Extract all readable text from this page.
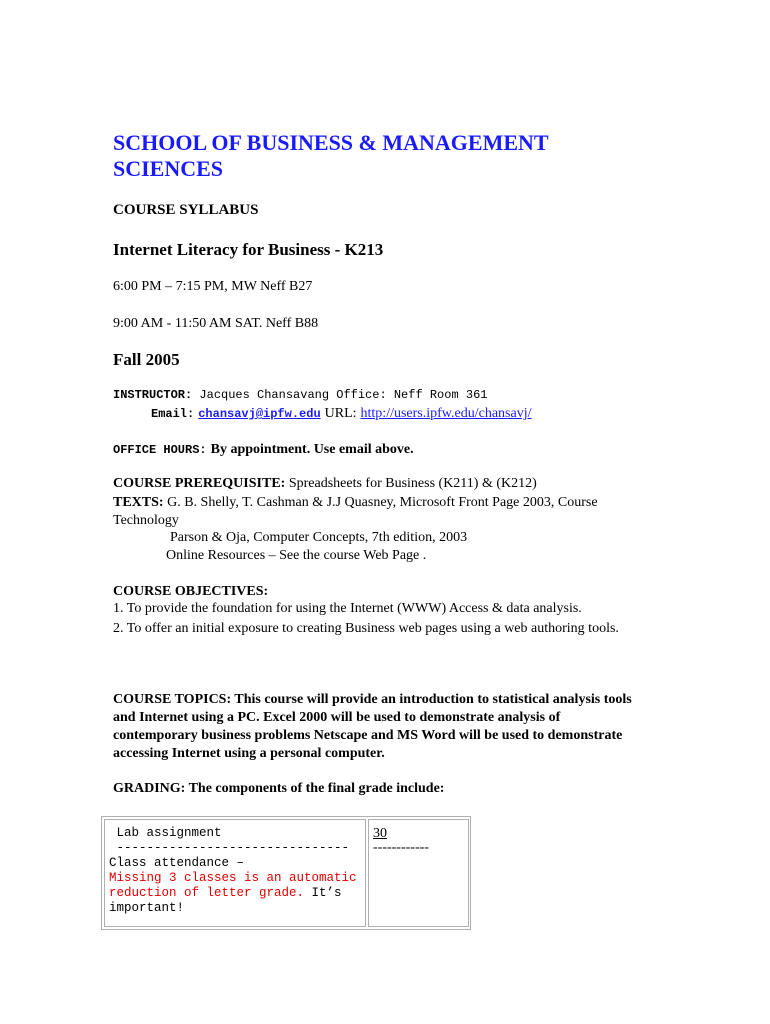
SCHOOL OF BUSINESS & MANAGEMENT SCIENCES
COURSE SYLLABUS
Internet Literacy for Business - K213
6:00 PM – 7:15 PM, MW Neff B27
9:00 AM - 11:50 AM SAT. Neff B88
Fall 2005
INSTRUCTOR: Jacques Chansavang Office: Neff Room 361
Email: chansavj@ipfw.edu URL: http://users.ipfw.edu/chansavj/
OFFICE HOURS: By appointment. Use email above.
COURSE PREREQUISITE: Spreadsheets for Business (K211) & (K212)
TEXTS: G. B. Shelly, T. Cashman & J.J Quasney, Microsoft Front Page 2003, Course Technology
Parson & Oja, Computer Concepts, 7th edition, 2003
Online Resources – See the course Web Page .
COURSE OBJECTIVES:
1. To provide the foundation for using the Internet (WWW) Access & data analysis.
2. To offer an initial exposure to creating Business web pages using a web authoring tools.
COURSE TOPICS: This course will provide an introduction to statistical analysis tools and Internet using a PC. Excel 2000 will be used to demonstrate analysis of contemporary business problems Netscape and MS Word will be used to demonstrate accessing Internet using a personal computer.
GRADING: The components of the final grade include:
Lab assignment
-------------------------------
Class attendance –
Missing 3 classes is an automatic reduction of letter grade. It’s important!
30
------------
